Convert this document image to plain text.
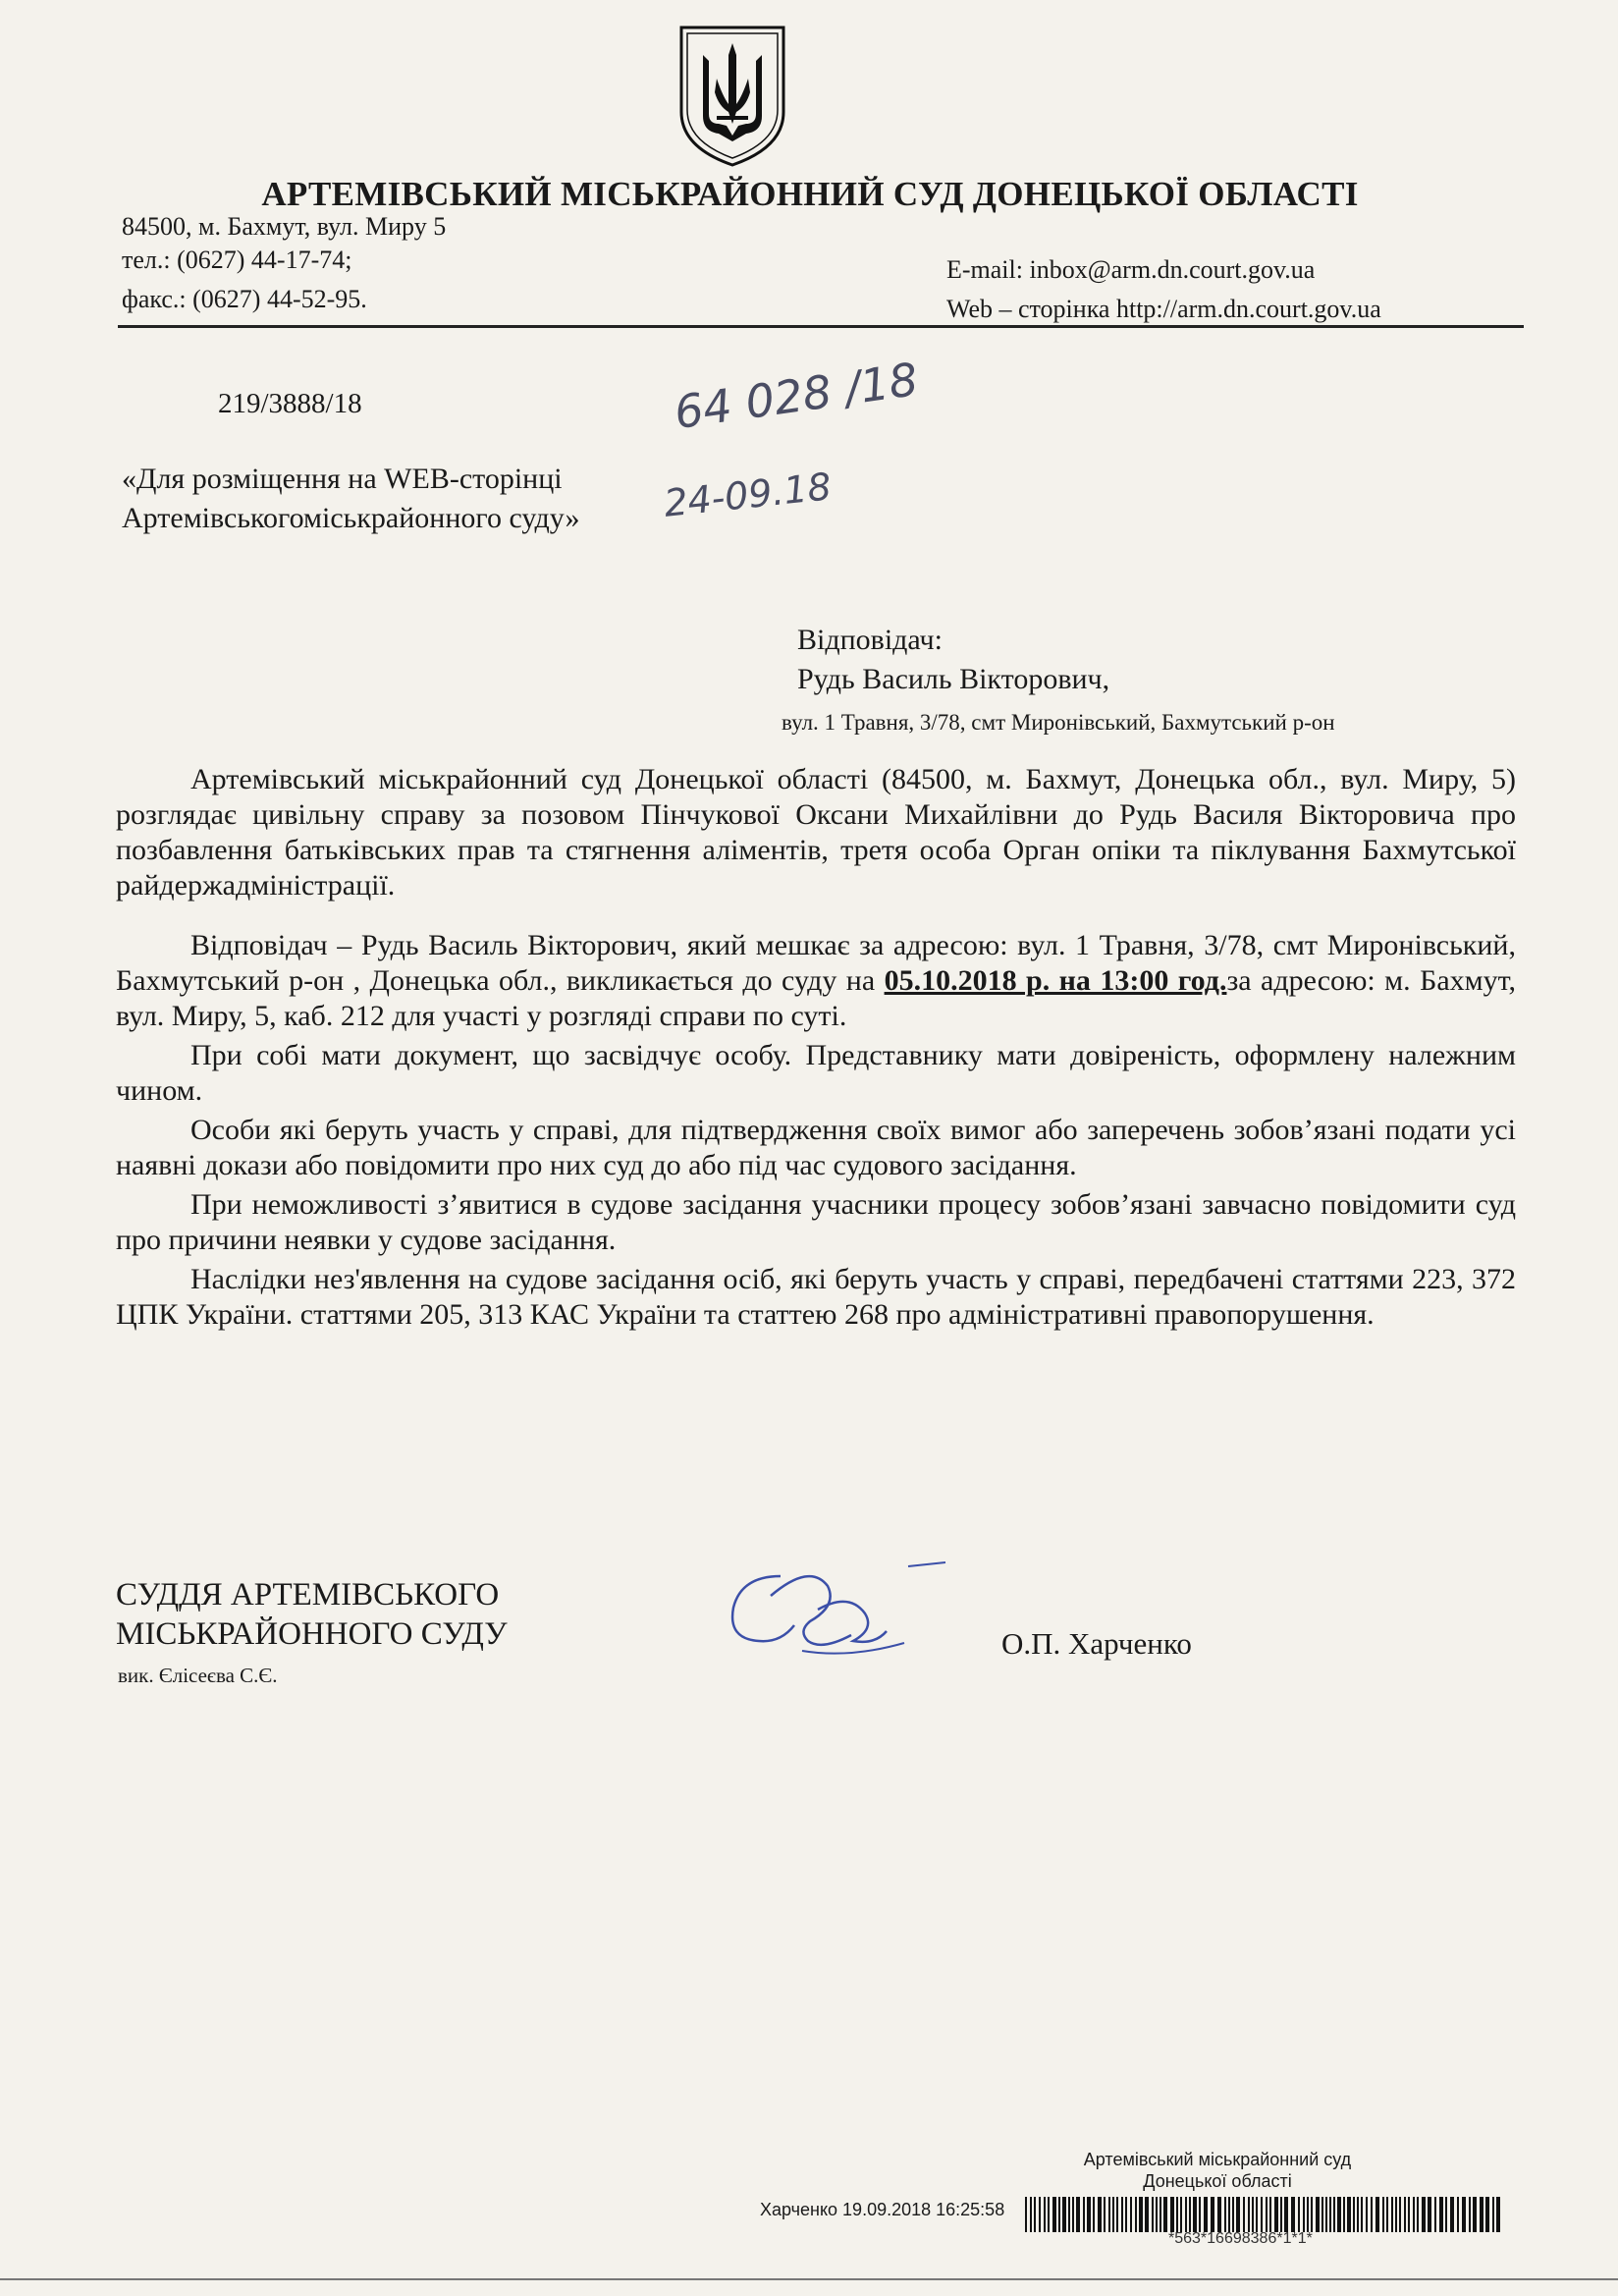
АРТЕМІВСЬКИЙ МІСЬКРАЙОННИЙ СУД ДОНЕЦЬКОЇ ОБЛАСТІ
84500, м. Бахмут, вул. Миру 5
тел.: (0627) 44-17-74;
факс.: (0627) 44-52-95.
E-mail: inbox@arm.dn.court.gov.ua
Web – сторінка http://arm.dn.court.gov.ua
219/3888/18	64 028 /18
24-09.18
«Для розміщення на WEB-сторінці
Артемівськогоміськрайонного суду»
Відповідач:
Рудь Василь Вікторович,
вул. 1 Травня, 3/78, смт Миронівський, Бахмутський р-он

Артемівський міськрайонний суд Донецької області (84500, м. Бахмут, Донецька обл., вул. Миру, 5) розглядає цивільну справу за позовом Пінчукової Оксани Михайлівни до Рудь Василя Вікторовича про позбавлення батьківських прав та стягнення аліментів, третя особа Орган опіки та піклування Бахмутської райдержадміністрації.

Відповідач – Рудь Василь Вікторович, який мешкає за адресою: вул. 1 Травня, 3/78, смт Миронівський, Бахмутський р-он , Донецька обл., викликається до суду на 05.10.2018 р. на 13:00 год.за адресою: м. Бахмут, вул. Миру, 5, каб. 212 для участі у розгляді справи по суті.

При собі мати документ, що засвідчує особу. Представнику мати довіреність, оформлену належним чином.

Особи які беруть участь у справі, для підтвердження своїх вимог або заперечень зобов’язані подати усі наявні докази або повідомити про них суд до або під час судового засідання.

При неможливості з’явитися в судове засідання учасники процесу зобов’язані завчасно повідомити суд про причини неявки у судове засідання.

Наслідки нез'явлення на судове засідання осіб, які беруть участь у справі, передбачені статтями 223, 372 ЦПК України. статтями 205, 313 КАС України та статтею 268 про адміністративні правопорушення.

СУДДЯ АРТЕМІВСЬКОГО
МІСЬКРАЙОННОГО СУДУ
вик. Єлісеєва С.Є.
О.П. Харченко
Артемівський міськрайонний суд
Донецької області
Харченко 19.09.2018 16:25:58
*563*16698386*1*1*
